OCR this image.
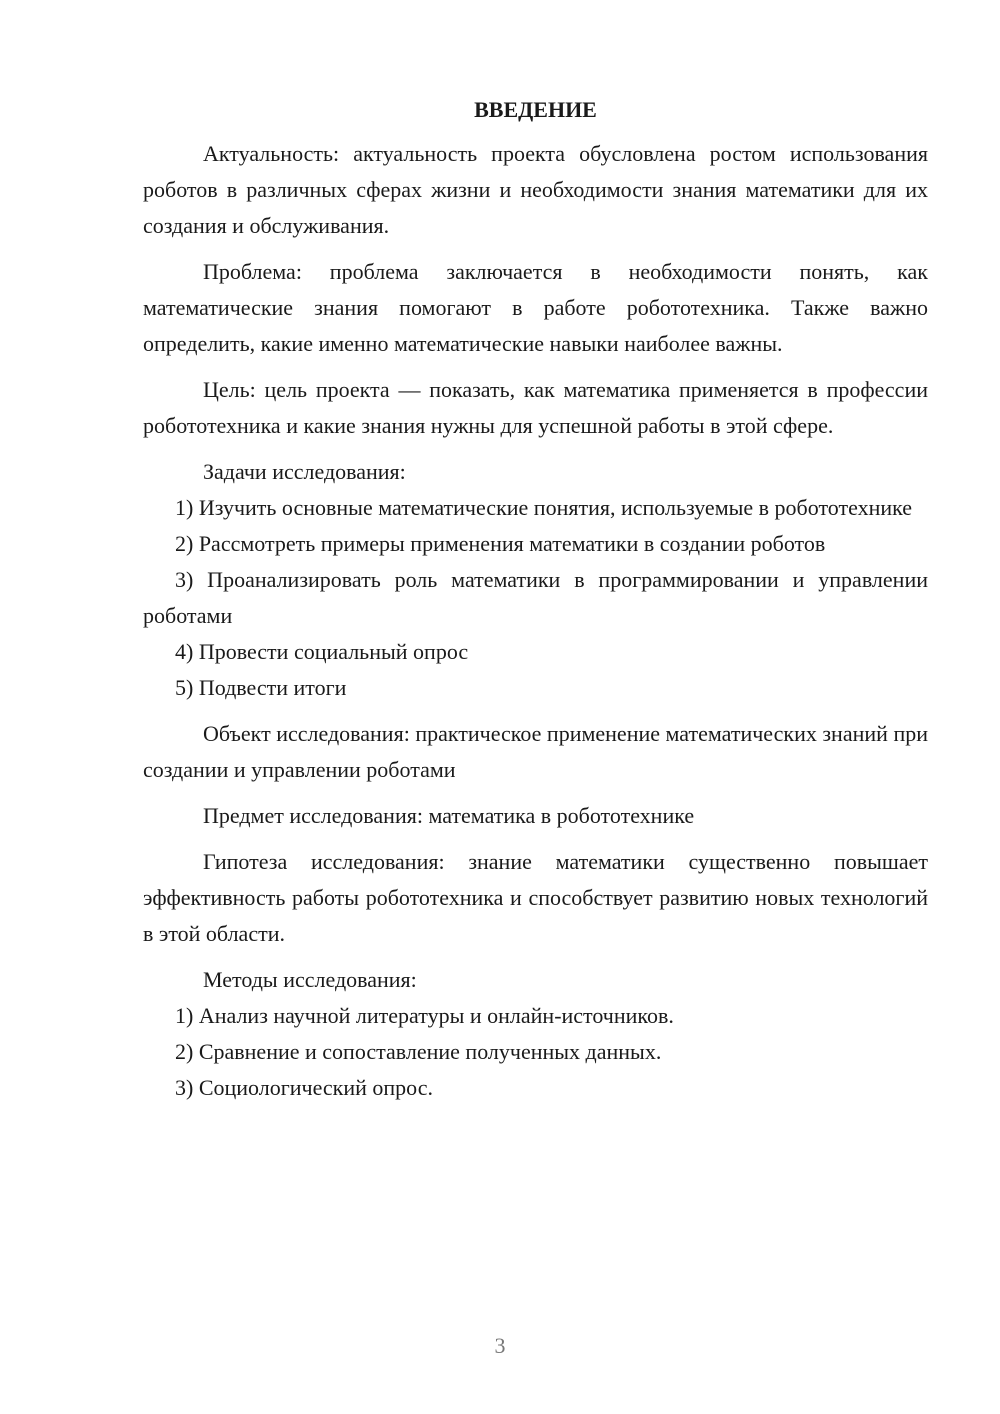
ВВЕДЕНИЕ

Актуальность: актуальность проекта обусловлена ростом использования роботов в различных сферах жизни и необходимости знания математики для их создания и обслуживания.

Проблема: проблема заключается в необходимости понять, как математические знания помогают в работе робототехника. Также важно определить, какие именно математические навыки наиболее важны.

Цель: цель проекта — показать, как математика применяется в профессии робототехника и какие знания нужны для успешной работы в этой сфере.

Задачи исследования:

1) Изучить основные математические понятия, используемые в робототехнике

2) Рассмотреть примеры применения математики в создании роботов

3) Проанализировать роль математики в программировании и управлении роботами

4) Провести социальный опрос

5) Подвести итоги

Объект исследования: практическое применение математических знаний при создании и управлении роботами

Предмет исследования: математика в робототехнике

Гипотеза исследования: знание математики существенно повышает эффективность работы робототехника и способствует развитию новых технологий в этой области.

Методы исследования:

1) Анализ научной литературы и онлайн-источников.

2) Сравнение и сопоставление полученных данных.

3) Социологический опрос.

3
